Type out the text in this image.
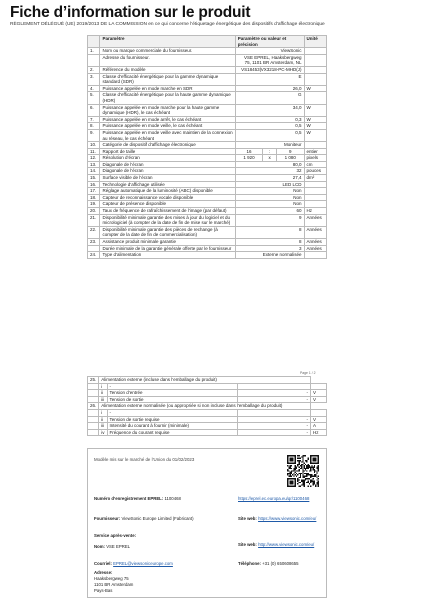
Fiche d’information sur le produit
RÈGLEMENT DÉLÉGUÉ (UE) 2019/2013 DE LA COMMISSION en ce qui concerne l’étiquetage énergétique des dispositifs d’affichage électronique
	Paramètre	Paramètre ou valeur et précision	Unité
1.	Nom ou marque commerciale du fournisseur.	ViewSonic	
	Adresse du fournisseur.	VSE EPREL, Haaksbergweg 75, 1101 BR Amsterdam, NL	
2.	Référence du modèle	VS18453|VX3218-PC-MHD(J)	
3.	Classe d’efficacité énergétique pour la gamme dynamique standard (SDR)	E	
4.	Puissance appelée en mode marche en SDR	26,0	W
5.	Classe d’efficacité énergétique pour la haute gamme dynamique (HDR)	G	
6.	Puissance appelée en mode marche pour la haute gamme dynamique (HDR), le cas échéant	34,0	W
7.	Puissance appelée en mode arrêt, le cas échéant	0,3	W
8.	Puissance appelée en mode veille, le cas échéant	0,5	W
9.	Puissance appelée en mode veille avec maintien de la connexion au réseau, le cas échéant	0,5	W
10.	Catégorie de dispositif d’affichage électronique	Moniteur	
11.	Rapport de taille		16	:	9
		entier
12.	Résolution d’écran		1 920	x	1 080
	pixels
13.	Diagonale de l’écran	80,0	cm
14.	Diagonale de l’écran	32	pouces
15.	Surface visible de l’écran	27,4	dm²
16.	Technologie d’affichage utilisée	LED LCD	
17.	Réglage automatique de la luminosité (ABC) disponible	Non	
18.	Capteur de reconnaissance vocale disponible	Non	
19.	Capteur de présence disponible	Non	
20.	Taux de fréquence de rafraîchissement de l’image (par défaut)	60	Hz
21.	Disponibilité minimale garantie des mises à jour du logiciel et du micrologiciel (à compter de la date de fin de mise sur le marché)	9	Années
22.	Disponibilité minimale garantie des pièces de rechange (à compter de la date de fin de commercialisation)	8	Années
23.	Assistance produit minimale garantie	8	Années
	Durée minimale de la garantie générale offerte par le fournisseur	3	Années
24.	Type d’alimentation	Externe normalisée	
Page 1 / 2
25.	Alimentation externe (incluse dans l’emballage du produit)			
	i	-		
	ii	Tension d’entrée	-	V
	iii	Tension de sortie	-	V
26.	Alimentation externe normalisée (ou appropriée si non incluse dans l’emballage du produit)			
	i	-		
	ii	Tension de sortie requise	-	V
	iii	Intensité du courant à fournir (minimale)	-	A
	iv	Fréquence du courant requise	-	Hz
Modèle mis sur le marché de l’Union du 01/02/2023
Numéro d’enregistrement EPREL: 1100468	https://eprel.ec.europa.eu/qr/1100468
Fournisseur: ViewSonic Europe Limited (Fabricant)	Site web: https://www.viewsonic.com/eu/
Service après-vente:
Nom: VSE EPREL	Site web: http://www.viewsonic.com/eu/
Courriel: EPREL@viewsoniceurope.com	Téléphone: +31 (0) 650608655
Adresse:
Haaksbergweg 75
1101 BR Amsterdam
Pays-Bas
